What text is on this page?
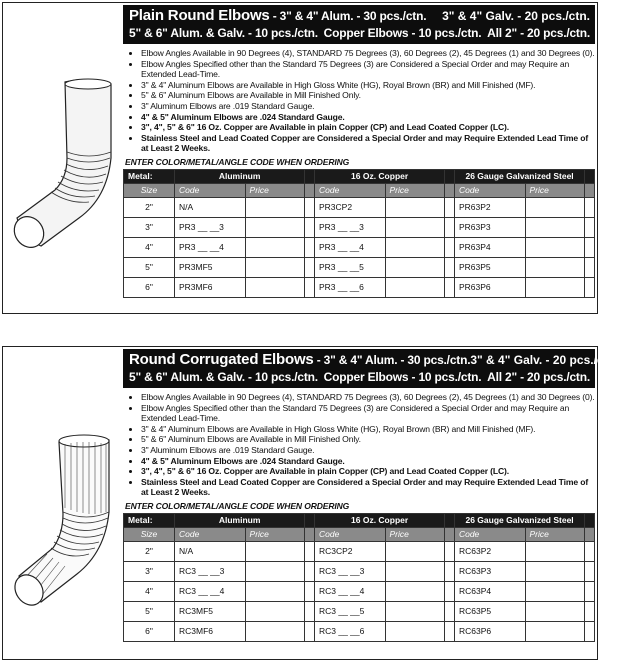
Plain Round Elbows - 3" & 4" Alum. - 30 pcs./ctn. 3" & 4" Galv. - 20 pcs./ctn.
5" & 6" Alum. & Galv. - 10 pcs./ctn. Copper Elbows - 10 pcs./ctn. All 2" - 20 pcs./ctn.
• Elbow Angles Available in 90 Degrees (4), STANDARD 75 Degrees (3), 60 Degrees (2), 45 Degrees (1) and 30 Degrees (0).
• Elbow Angles Specified other than the Standard 75 Degrees (3) are Considered a Special Order and may Require an Extended Lead-Time.
• 3" & 4" Aluminum Elbows are Available in High Gloss White (HG), Royal Brown (BR) and Mill Finished (MF).
• 5" & 6" Aluminum Elbows are Available in Mill Finished Only.
• 3" Aluminum Elbows are .019 Standard Gauge.
• 4" & 5" Aluminum Elbows are .024 Standard Gauge.
• 3", 4", 5" & 6" 16 Oz. Copper are Available in plain Copper (CP) and Lead Coated Copper (LC).
• Stainless Steel and Lead Coated Copper are Considered a Special Order and may Require Extended Lead Time of at Least 2 Weeks.
ENTER COLOR/METAL/ANGLE CODE WHEN ORDERING
Metal:	Aluminum			16 Oz. Copper			26 Gauge Galvanized Steel		
Size	Code	Price		Code	Price		Code	Price	
2"	N/A			PR3CP2			PR63P2		
3"	PR3 __ __3			PR3 __ __3			PR63P3		
4"	PR3 __ __4			PR3 __ __4			PR63P4		
5"	PR3MF5			PR3 __ __5			PR63P5		
6"	PR3MF6			PR3 __ __6			PR63P6		
Round Corrugated Elbows - 3" & 4" Alum. - 30 pcs./ctn. 3" & 4" Galv. - 20 pcs./ctn.
5" & 6" Alum. & Galv. - 10 pcs./ctn. Copper Elbows - 10 pcs./ctn. All 2" - 20 pcs./ctn.
• Elbow Angles Available in 90 Degrees (4), STANDARD 75 Degrees (3), 60 Degrees (2), 45 Degrees (1) and 30 Degrees (0).
• Elbow Angles Specified other than the Standard 75 Degrees (3) are Considered a Special Order and may Require an Extended Lead-Time.
• 3" & 4" Aluminum Elbows are Available in High Gloss White (HG), Royal Brown (BR) and Mill Finished (MF).
• 5" & 6" Aluminum Elbows are Available in Mill Finished Only.
• 3" Aluminum Elbows are .019 Standard Gauge.
• 4" & 5" Aluminum Elbows are .024 Standard Gauge.
• 3", 4", 5" & 6" 16 Oz. Copper are Available in plain Copper (CP) and Lead Coated Copper (LC).
• Stainless Steel and Lead Coated Copper are Considered a Special Order and may Require Extended Lead Time of at Least 2 Weeks.
ENTER COLOR/METAL/ANGLE CODE WHEN ORDERING
Metal:	Aluminum			16 Oz. Copper			26 Gauge Galvanized Steel		
Size	Code	Price		Code	Price		Code	Price	
2"	N/A			RC3CP2			RC63P2		
3"	RC3 __ __3			RC3 __ __3			RC63P3		
4"	RC3 __ __4			RC3 __ __4			RC63P4		
5"	RC3MF5			RC3 __ __5			RC63P5		
6"	RC3MF6			RC3 __ __6			RC63P6		
